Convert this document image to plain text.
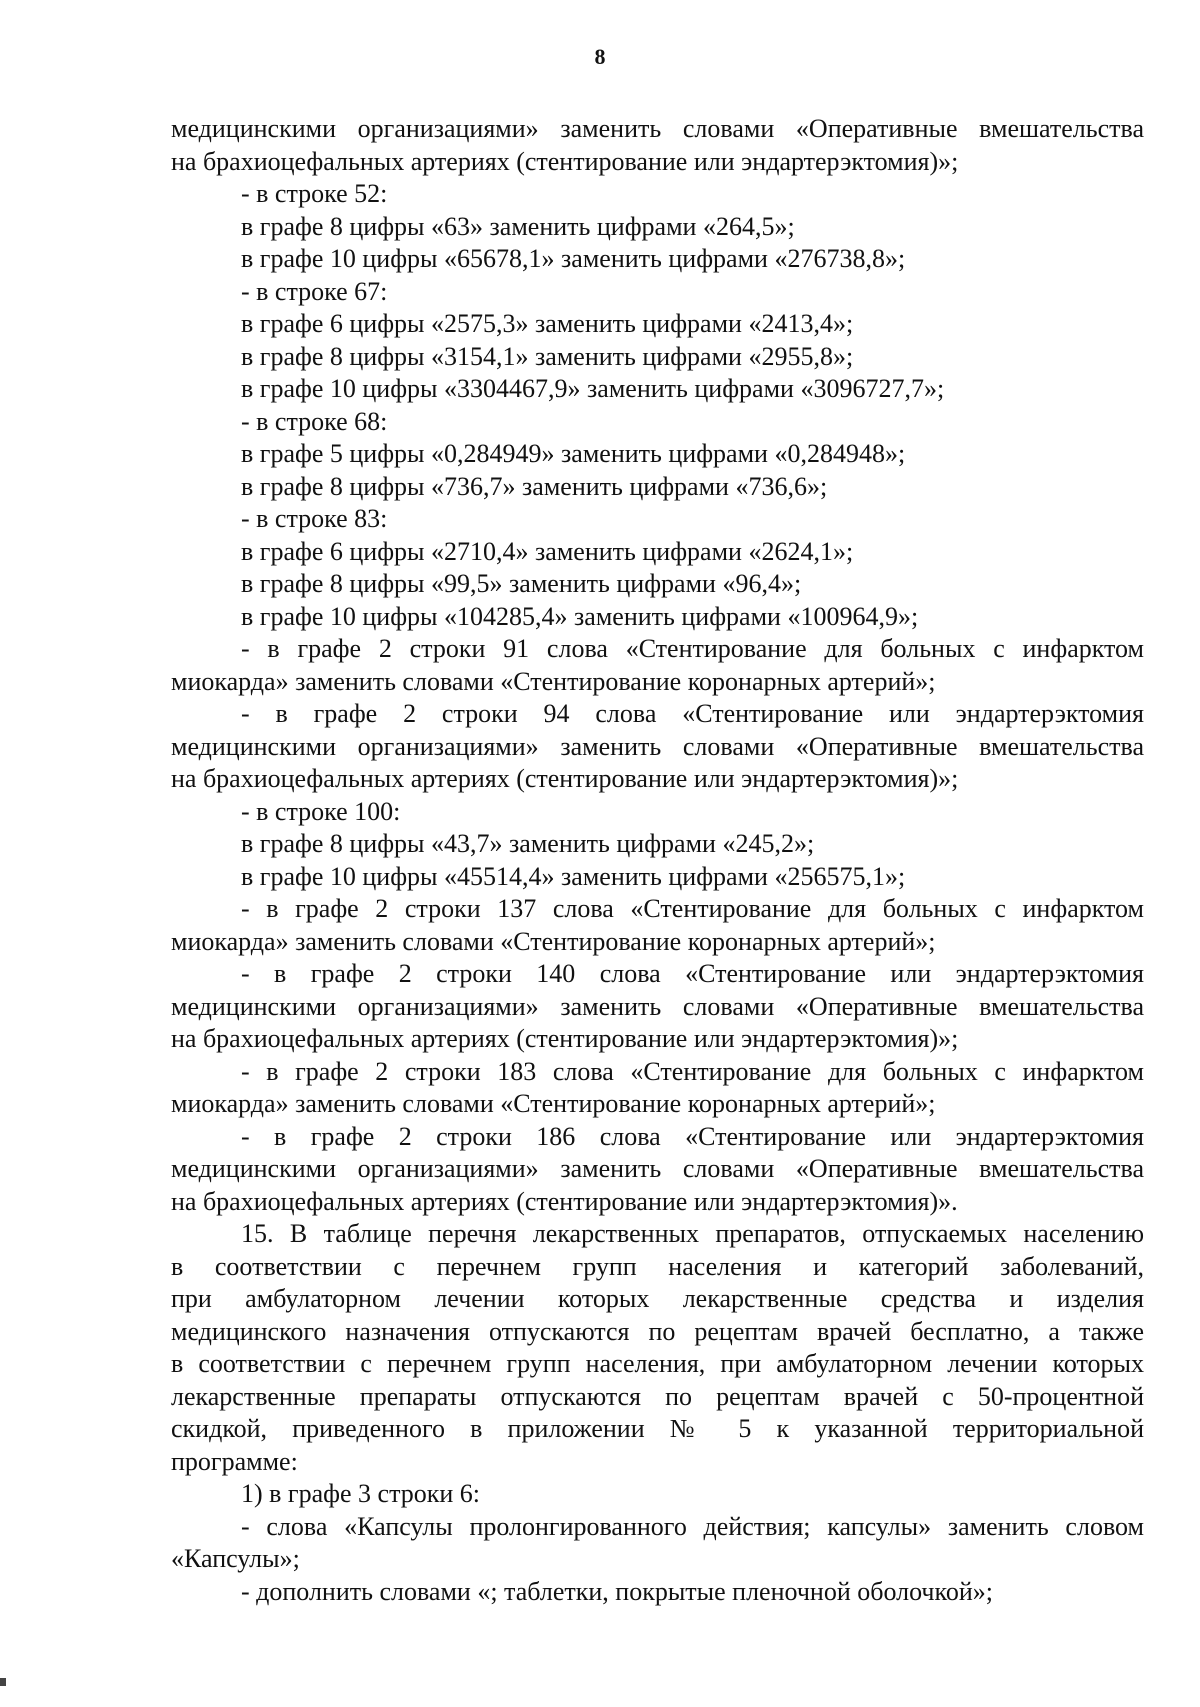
8
медицинскими организациями» заменить словами «Оперативные вмешательства
на брахиоцефальных артериях (стентирование или эндартерэктомия)»;
- в строке 52:
в графе 8 цифры «63» заменить цифрами «264,5»;
в графе 10 цифры «65678,1» заменить цифрами «276738,8»;
- в строке 67:
в графе 6 цифры «2575,3» заменить цифрами «2413,4»;
в графе 8 цифры «3154,1» заменить цифрами «2955,8»;
в графе 10 цифры «3304467,9» заменить цифрами «3096727,7»;
- в строке 68:
в графе 5 цифры «0,284949» заменить цифрами «0,284948»;
в графе 8 цифры «736,7» заменить цифрами «736,6»;
- в строке 83:
в графе 6 цифры «2710,4» заменить цифрами «2624,1»;
в графе 8 цифры «99,5» заменить цифрами «96,4»;
в графе 10 цифры «104285,4» заменить цифрами «100964,9»;
- в графе 2 строки 91 слова «Стентирование для больных с инфарктом
миокарда» заменить словами «Стентирование коронарных артерий»;
- в графе 2 строки 94 слова «Стентирование или эндартерэктомия
медицинскими организациями» заменить словами «Оперативные вмешательства
на брахиоцефальных артериях (стентирование или эндартерэктомия)»;
- в строке 100:
в графе 8 цифры «43,7» заменить цифрами «245,2»;
в графе 10 цифры «45514,4» заменить цифрами «256575,1»;
- в графе 2 строки 137 слова «Стентирование для больных с инфарктом
миокарда» заменить словами «Стентирование коронарных артерий»;
- в графе 2 строки 140 слова «Стентирование или эндартерэктомия
медицинскими организациями» заменить словами «Оперативные вмешательства
на брахиоцефальных артериях (стентирование или эндартерэктомия)»;
- в графе 2 строки 183 слова «Стентирование для больных с инфарктом
миокарда» заменить словами «Стентирование коронарных артерий»;
- в графе 2 строки 186 слова «Стентирование или эндартерэктомия
медицинскими организациями» заменить словами «Оперативные вмешательства
на брахиоцефальных артериях (стентирование или эндартерэктомия)».
15. В таблице перечня лекарственных препаратов, отпускаемых населению
в соответствии с перечнем групп населения и категорий заболеваний,
при амбулаторном лечении которых лекарственные средства и изделия
медицинского назначения отпускаются по рецептам врачей бесплатно, а также
в соответствии с перечнем групп населения, при амбулаторном лечении которых
лекарственные препараты отпускаются по рецептам врачей с 50-процентной
скидкой, приведенного в приложении № 5 к указанной территориальной
программе:
1) в графе 3 строки 6:
- слова «Капсулы пролонгированного действия; капсулы» заменить словом
«Капсулы»;
- дополнить словами «; таблетки, покрытые пленочной оболочкой»;
